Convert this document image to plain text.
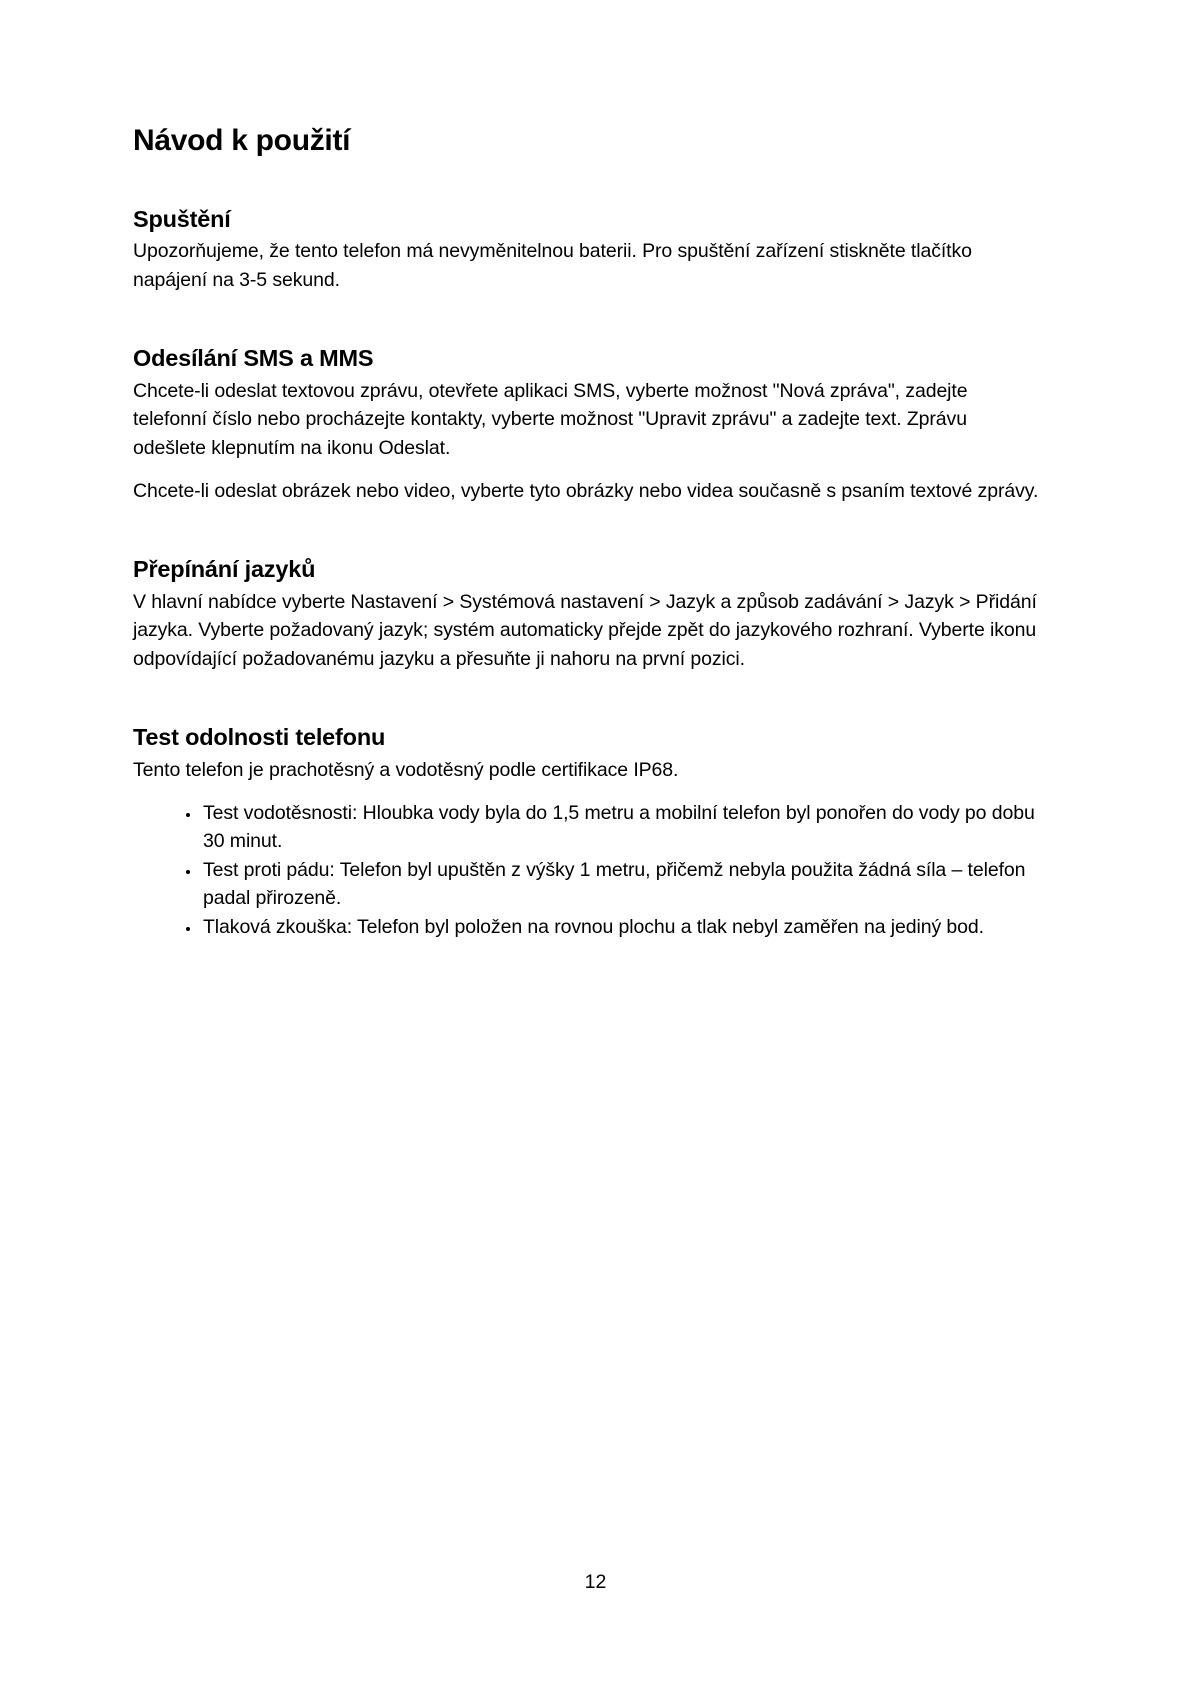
Návod k použití
Spuštění

Upozorňujeme, že tento telefon má nevyměnitelnou baterii. Pro spuštění zařízení stiskněte tlačítko napájení na 3-5 sekund.

Odesílání SMS a MMS

Chcete-li odeslat textovou zprávu, otevřete aplikaci SMS, vyberte možnost "Nová zpráva", zadejte telefonní číslo nebo procházejte kontakty, vyberte možnost "Upravit zprávu" a zadejte text. Zprávu odešlete klepnutím na ikonu Odeslat.

Chcete-li odeslat obrázek nebo video, vyberte tyto obrázky nebo videa současně s psaním textové zprávy.

Přepínání jazyků

V hlavní nabídce vyberte Nastavení > Systémová nastavení > Jazyk a způsob zadávání > Jazyk > Přidání jazyka. Vyberte požadovaný jazyk; systém automaticky přejde zpět do jazykového rozhraní. Vyberte ikonu odpovídající požadovanému jazyku a přesuňte ji nahoru na první pozici.

Test odolnosti telefonu

Tento telefon je prachotěsný a vodotěsný podle certifikace IP68.

• Test vodotěsnosti: Hloubka vody byla do 1,5 metru a mobilní telefon byl ponořen do vody po dobu 30 minut.
• Test proti pádu: Telefon byl upuštěn z výšky 1 metru, přičemž nebyla použita žádná síla – telefon padal přirozeně.
• Tlaková zkouška: Telefon byl položen na rovnou plochu a tlak nebyl zaměřen na jediný bod.
12
